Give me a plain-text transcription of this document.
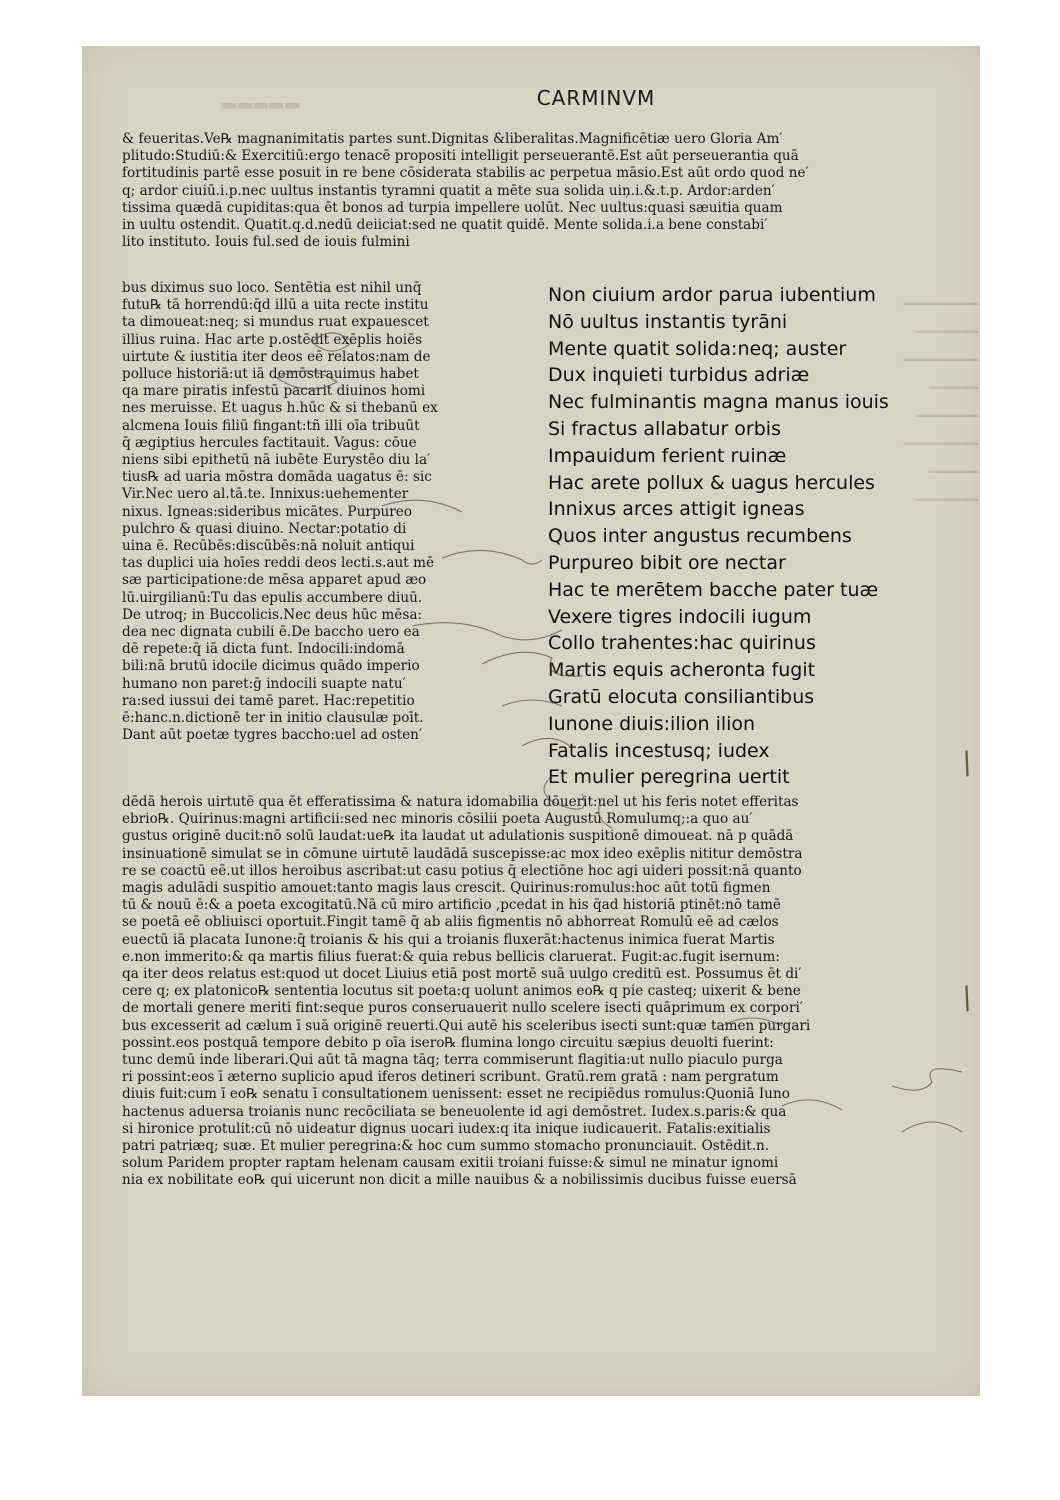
▂▂▂▂▂
▁▁▁▁▁▁
▁▁▁▁▁
▁▁▁▁▁▁
▁▁▁▁
▁▁▁▁▁
▁▁▁▁▁▁
▁▁▁▁
▁▁▁▁▁
CARMINVM
& feueritas.Ve℞ magnanimitatis partes sunt.Dignitas &liberalitas.Magnificētiæ uero Gloria Am′
plitudo:Studiū:& Exercitiū:ergo tenacē propositi intelligit perseuerantē.Est aūt perseuerantia quā
fortitudinis partē esse posuit in re bene cōsiderata stabilis ac perpetua māsio.Est aūt ordo quod ne′
q; ardor ciuiū.i.p.nec uultus instantis tyramni quatit a mēte sua solida uiņ.i.&.t.p. Ardor:arden′
tissima quædā cupiditas:qua ēt bonos ad turpia impellere uolūt. Nec uultus:quasi sæuitia quam
in uultu ostendit. Quatit.q.d.nedū deiiciat:sed ne quatit quidē. Mente solida.i.a bene constabi′
lito instituto. Iouis ful.sed de iouis fulmini
bus diximus suo loco. Sentētia est nihil unq̄
futu℞ tā horrendū:q̄d illū a uita recte institu
ta dimoueat:neq; si mundus ruat expauescet
illius ruina. Hac arte p.ostēdit exēplis hoiēs
uirtute & iustitia iter deos eē relatos:nam de
polluce historiā:ut iā demōstrauimus habet
qa mare piratis infestū pacarit diuinos homi
nes meruisse. Et uagus h.hūc & si thebanū ex
alcmena Iouis filiū fingant:tñ illi oīa tribuūt
q̄ ægiptius hercules factitauit. Vagus: cōue
niens sibi epithetū nā iubēte Eurystēo diu la′
tius℞ ad uaria mōstra domāda uagatus ē: sic
Vir.Nec uero al.tā.te. Innixus:uehementer
nixus. Igneas:sideribus micātes. Purpureo
pulchro & quasi diuino. Nectar:potatio di
uina ē. Recūbēs:discūbēs:nā noluit antiqui
tas duplici uia hoīes reddi deos lecti.s.aut mē
sæ participatione:de mēsa apparet apud æo
lū.uirgilianū:Tu das epulis accumbere diuū.
De utroq; in Buccolicis.Nec deus hūc mēsa:
dea nec dignata cubili ē.De baccho uero ea
dē repete:q̄ iā dicta funt. Indocili:indomā
bili:nā brutū idocile dicimus quādo imperio
humano non paret:ḡ indocili suapte natu′
ra:sed iussui dei tamē paret. Hac:repetitio
ē:hanc.n.dictionē ter in initio clausulæ poīt.
Dant aūt poetæ tygres baccho:uel ad osten′
Non ciuium ardor parua iubentium
Nō uultus instantis tyrāni
Mente quatit solida:neq; auster
Dux inquieti turbidus adriæ
Nec fulminantis magna manus iouis
Si fractus allabatur orbis
Impauidum ferient ruinæ
Hac arete pollux & uagus hercules
Innixus arces attigit igneas
Quos inter angustus recumbens
Purpureo bibit ore nectar
Hac te merētem bacche pater tuæ
Vexere tigres indocili iugum
Collo trahentes:hac quirinus
Martis equis acheronta fugit
Gratū elocuta consiliantibus
Iunone diuis:ilion ilion
Fatalis incestusq; iudex
Et mulier peregrina uertit
dēdā herois uirtutē qua ēt efferatissima & natura idomabilia dōuerit:uel ut his feris notet efferitas
ebrio℞. Quirinus:magni artificii:sed nec minoris cōsilii poeta Augustū Romulumq;:a quo au′
gustus originē ducit:nō solū laudat:ue℞ ita laudat ut adulationis suspitionē dimoueat. nā p quādā
insinuationē simulat se in cōmune uirtutē laudādā suscepisse:ac mox ideo exēplis nititur demōstra
re se coactū eē.ut illos heroibus ascribat:ut casu potius q̄ electiōne hoc agi uideri possit:nā quanto
magis adulādi suspitio amouet:tanto magis laus crescit. Quirinus:romulus:hoc aūt totū figmen
tū & nouū ē:& a poeta excogitatū.Nā cū miro artificio ,pcedat in his q̄ad historiā ptinēt:nō tamē
se poetā eē obliuisci oportuit.Fingit tamē q̄ ab aliis figmentis nō abhorreat Romulū eē ad cælos
euectū iā placata Iunone:q̄ troianis & his qui a troianis fluxerāt:hactenus inimica fuerat Martis
e.non immerito:& qa martis filius fuerat:& quia rebus bellicis claruerat. Fugit:ac.fugit isernum:
qa iter deos relatus est:quod ut docet Liuius etiā post mortē suā uulgo creditū est. Possumus ēt di′
cere q; ex platonico℞ sententia locutus sit poeta:q uolunt animos eo℞ q pie casteq; uixerit & bene
de mortali genere meriti fint:seque puros conseruauerit nullo scelere isecti quāprimum ex corpori′
bus excesserit ad cælum ī suā originē reuerti.Qui autē his sceleribus isecti sunt:quæ tamen purgari
possint.eos postquā tempore debito p oīa isero℞ flumina longo circuitu sæpius deuolti fuerint:
tunc demū inde liberari.Qui aūt tā magna tāq; terra commiserunt flagitia:ut nullo piaculo purga
ri possint:eos ī æterno suplicio apud iferos detineri scribunt. Gratū.rem gratā : nam pergratum
diuis fuit:cum ī eo℞ senatu ī consultationem uenissent: esset ne recipiēdus romulus:Quoniā Iuno
hactenus aduersa troianis nunc recōciliata se beneuolente id agi demōstret. Iudex.s.paris:& qua
si hironice protulit:cū nō uideatur dignus uocari iudex:q ita inique iudicauerit. Fatalis:exitialis
patri patriæq; suæ. Et mulier peregrina:& hoc cum summo stomacho pronunciauit. Ostēdit.n.
solum Paridem propter raptam helenam causam exitii troiani fuisse:& simul ne minatur ignomi
nia ex nobilitate eo℞ qui uicerunt non dicit a mille nauibus & a nobilissimis ducibus fuisse euersā
/
/
